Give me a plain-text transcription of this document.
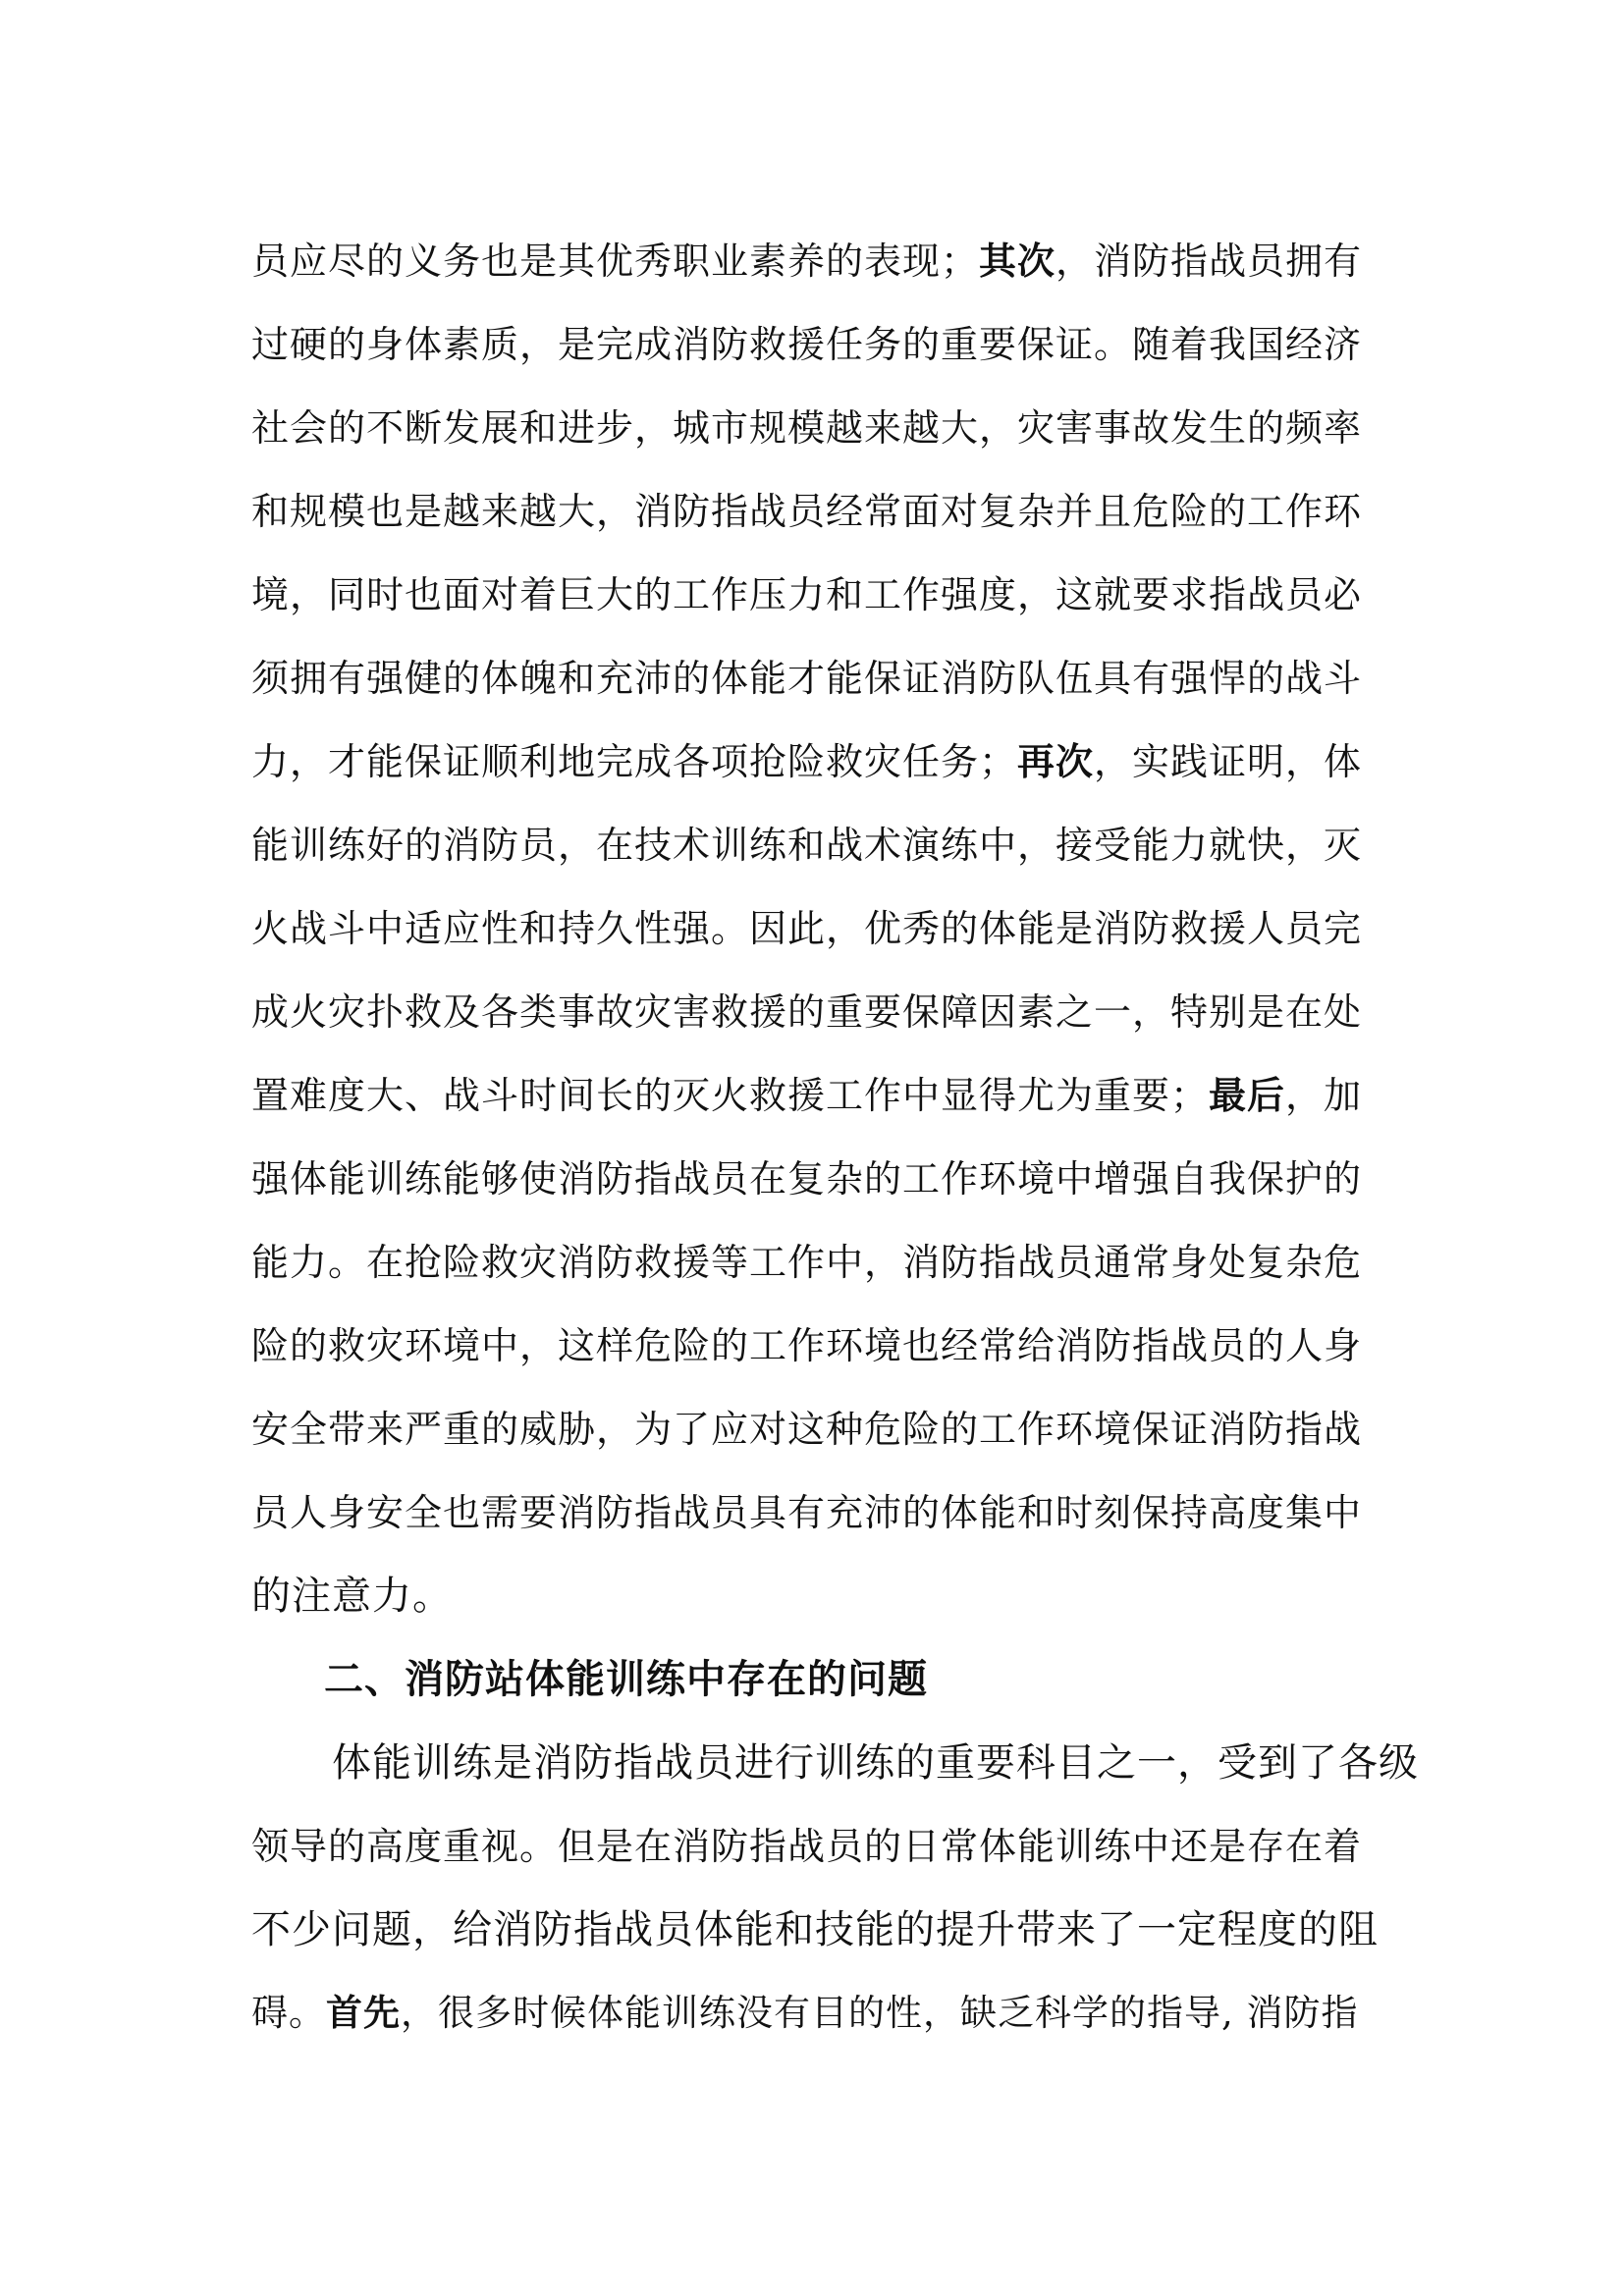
员应尽的义务也是其优秀职业素养的表现；其次，消防指战员拥有
过硬的身体素质，是完成消防救援任务的重要保证。随着我国经济
社会的不断发展和进步，城市规模越来越大，灾害事故发生的频率
和规模也是越来越大，消防指战员经常面对复杂并且危险的工作环
境，同时也面对着巨大的工作压力和工作强度，这就要求指战员必
须拥有强健的体魄和充沛的体能才能保证消防队伍具有强悍的战斗
力，才能保证顺利地完成各项抢险救灾任务；再次，实践证明，体
能训练好的消防员，在技术训练和战术演练中，接受能力就快，灭
火战斗中适应性和持久性强。因此，优秀的体能是消防救援人员完
成火灾扑救及各类事故灾害救援的重要保障因素之一，特别是在处
置难度大、战斗时间长的灭火救援工作中显得尤为重要；最后，加
强体能训练能够使消防指战员在复杂的工作环境中增强自我保护的
能力。在抢险救灾消防救援等工作中，消防指战员通常身处复杂危
险的救灾环境中，这样危险的工作环境也经常给消防指战员的人身
安全带来严重的威胁，为了应对这种危险的工作环境保证消防指战
员人身安全也需要消防指战员具有充沛的体能和时刻保持高度集中
的注意力。
二、消防站体能训练中存在的问题
体能训练是消防指战员进行训练的重要科目之一，受到了各级
领导的高度重视。但是在消防指战员的日常体能训练中还是存在着
不少问题，给消防指战员体能和技能的提升带来了一定程度的阻
碍。首先，很多时候体能训练没有目的性，缺乏科学的指导, 消防指
